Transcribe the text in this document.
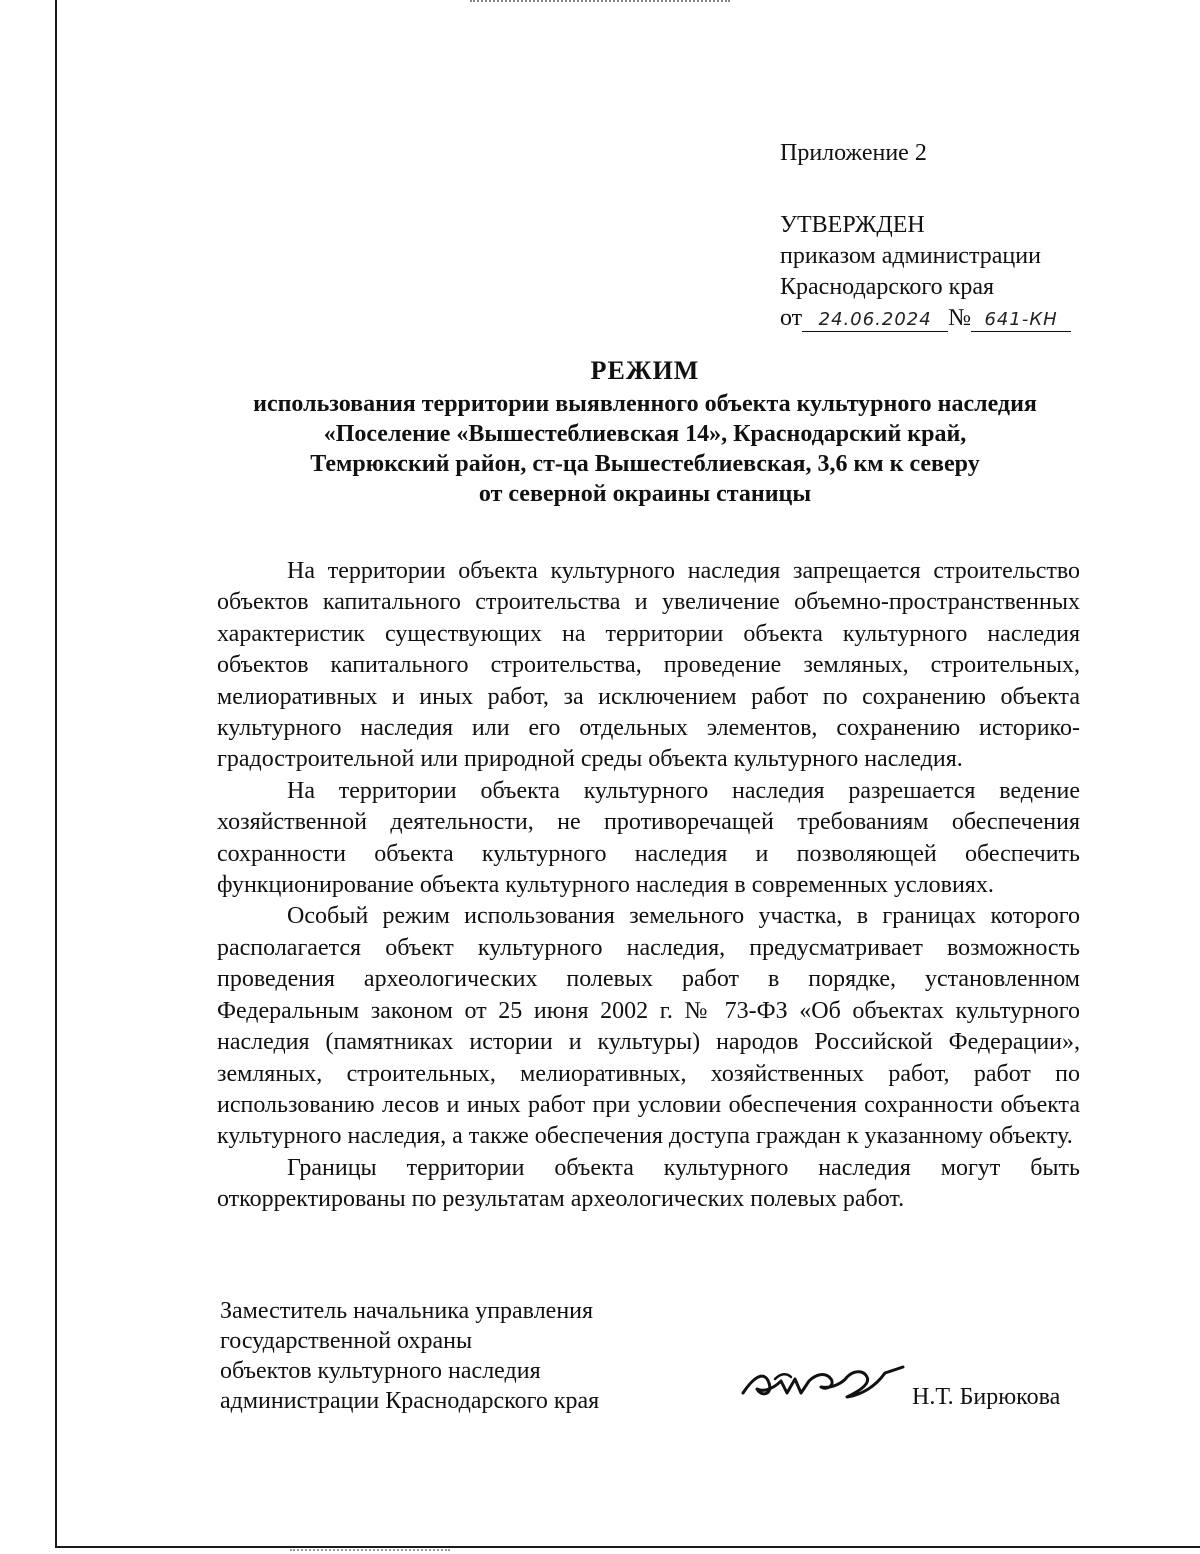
Приложение 2
УТВЕРЖДЕН
приказом администрации
Краснодарского края
от 24.06.2024 № 641-КН
РЕЖИМ
использования территории выявленного объекта культурного наследия
«Поселение «Вышестеблиевская 14», Краснодарский край,
Темрюкский район, ст-ца Вышестеблиевская, 3,6 км к северу
от северной окраины станицы

На территории объекта культурного наследия запрещается строительство объектов капитального строительства и увеличение объемно-пространственных характеристик существующих на территории объекта культурного наследия объектов капитального строительства, проведение земляных, строительных, мелиоративных и иных работ, за исключением работ по сохранению объекта культурного наследия или его отдельных элементов, сохранению историко-градостроительной или природной среды объекта культурного наследия.

На территории объекта культурного наследия разрешается ведение хозяйственной деятельности, не противоречащей требованиям обеспечения сохранности объекта культурного наследия и позволяющей обеспечить функционирование объекта культурного наследия в современных условиях.

Особый режим использования земельного участка, в границах которого располагается объект культурного наследия, предусматривает возможность проведения археологических полевых работ в порядке, установленном Федеральным законом от 25 июня 2002 г. № 73-ФЗ «Об объектах культурного наследия (памятниках истории и культуры) народов Российской Федерации», земляных, строительных, мелиоративных, хозяйственных работ, работ по использованию лесов и иных работ при условии обеспечения сохранности объекта культурного наследия, а также обеспечения доступа граждан к указанному объекту.

Границы территории объекта культурного наследия могут быть откорректированы по результатам археологических полевых работ.

Заместитель начальника управления
государственной охраны
объектов культурного наследия
администрации Краснодарского края	Н.Т. Бирюкова
